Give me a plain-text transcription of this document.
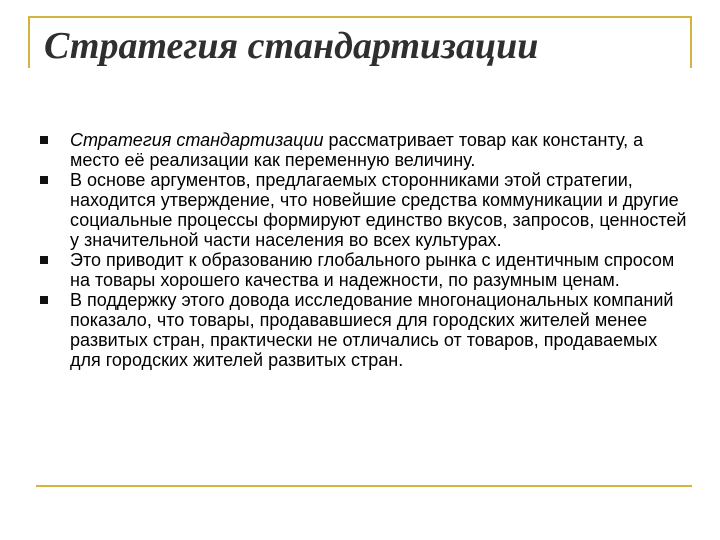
Стратегия стандартизации
Стратегия стандартизации рассматривает товар как константу, а место её реализации как переменную величину.
В основе аргументов, предлагаемых сторонниками этой стратегии, находится утверждение, что новейшие средства коммуникации и другие социальные процессы формируют единство вкусов, запросов, ценностей у значительной части населения во всех культурах.
Это приводит к образованию глобального рынка с идентичным спросом на товары хорошего качества и надежности, по разумным ценам.
В поддержку этого довода исследование многонациональных компаний показало, что товары, продававшиеся для городских жителей менее развитых стран, практически не отличались от товаров, продаваемых для городских жителей развитых стран.
